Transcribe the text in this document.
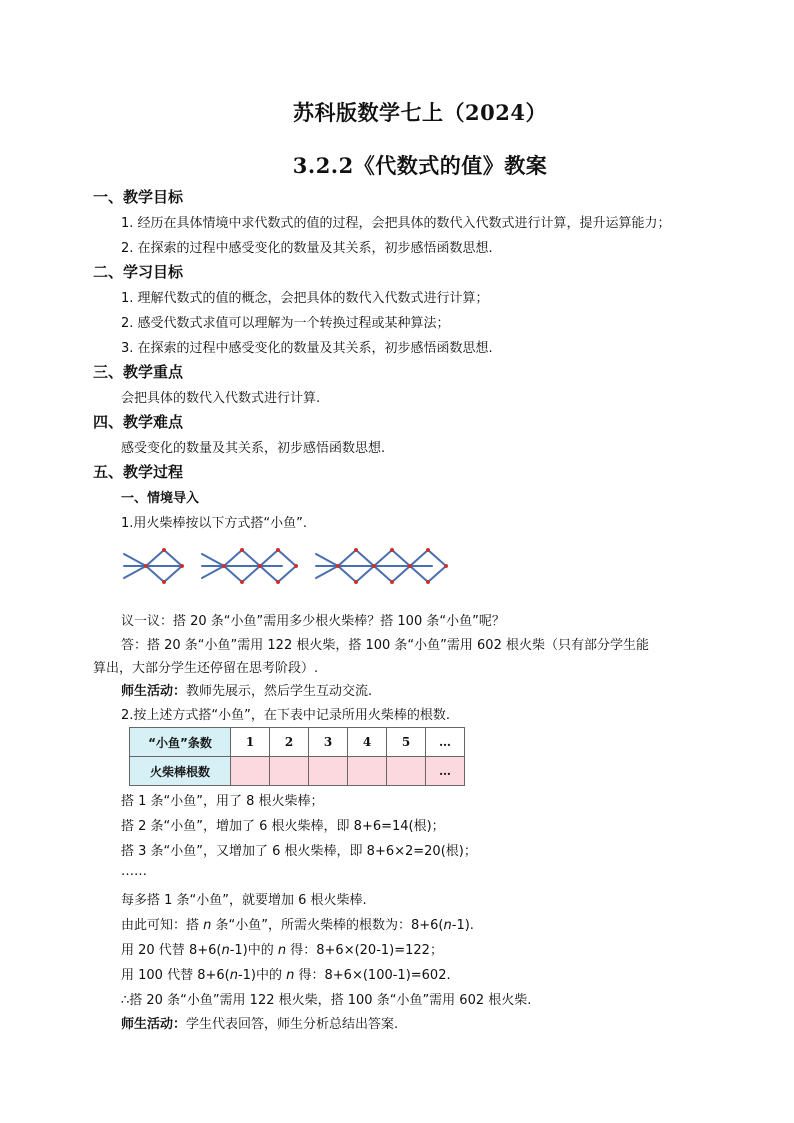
苏科版数学七上（2024）
3.2.2《代数式的值》教案
一、教学目标
1. 经历在具体情境中求代数式的值的过程，会把具体的数代入代数式进行计算，提升运算能力；
2. 在探索的过程中感受变化的数量及其关系，初步感悟函数思想.
二、学习目标
1. 理解代数式的值的概念，会把具体的数代入代数式进行计算；
2. 感受代数式求值可以理解为一个转换过程或某种算法；
3. 在探索的过程中感受变化的数量及其关系，初步感悟函数思想.
三、教学重点
会把具体的数代入代数式进行计算.
四、教学难点
感受变化的数量及其关系，初步感悟函数思想.
五、教学过程
一、情境导入
1.用火柴棒按以下方式搭“小鱼”.
议一议：搭 20 条“小鱼”需用多少根火柴棒？搭 100 条“小鱼”呢？
答：搭 20 条“小鱼”需用 122 根火柴，搭 100 条“小鱼”需用 602 根火柴（只有部分学生能
算出，大部分学生还停留在思考阶段）.
师生活动：教师先展示，然后学生互动交流.
2.按上述方式搭“小鱼”，在下表中记录所用火柴棒的根数.
“小鱼”条数	1	2	3	4	5	…
火柴棒根数						…
搭 1 条“小鱼”，用了 8 根火柴棒；
搭 2 条“小鱼”，增加了 6 根火柴棒，即 8+6=14(根)；
搭 3 条“小鱼”，又增加了 6 根火柴棒，即 8+6×2=20(根)；
……
每多搭 1 条“小鱼”，就要增加 6 根火柴棒.
由此可知：搭 n 条“小鱼”，所需火柴棒的根数为：8+6(n-1).
用 20 代替 8+6(n-1)中的 n 得：8+6×(20-1)=122；
用 100 代替 8+6(n-1)中的 n 得：8+6×(100-1)=602.
∴搭 20 条“小鱼”需用 122 根火柴，搭 100 条“小鱼”需用 602 根火柴.
师生活动：学生代表回答，师生分析总结出答案.
